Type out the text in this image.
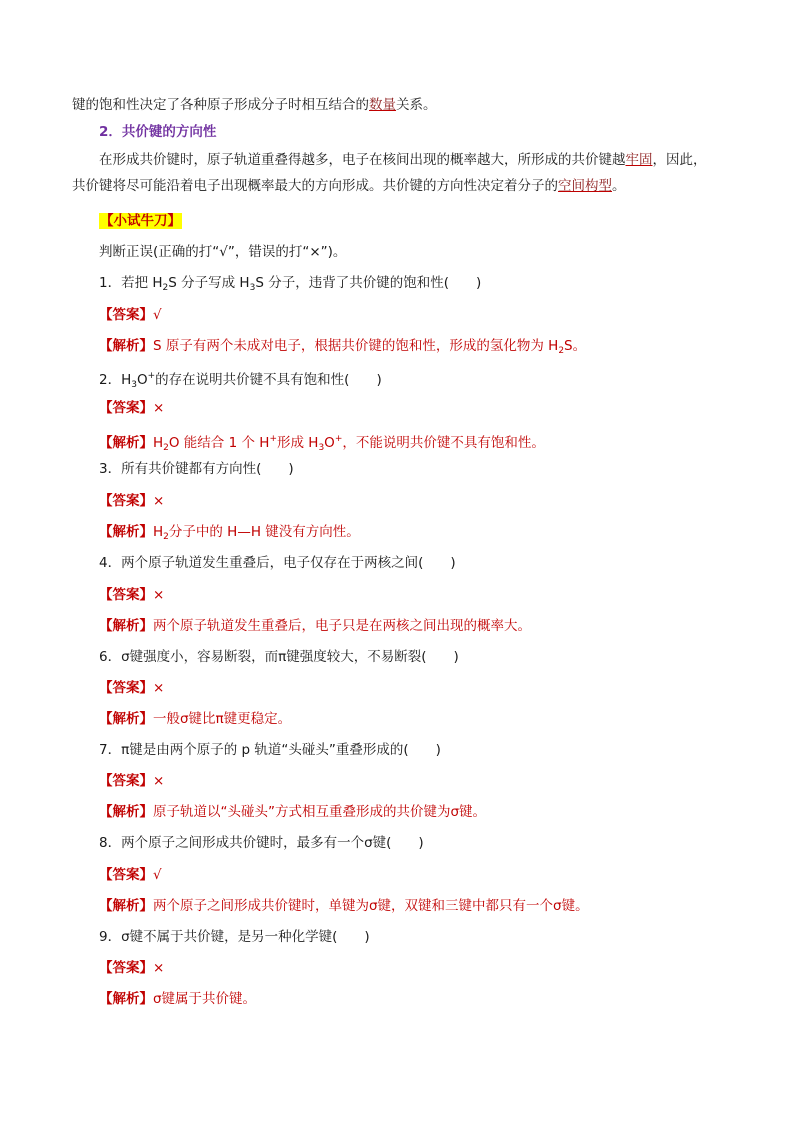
键的饱和性决定了各种原子形成分子时相互结合的数量关系。
2．共价键的方向性
在形成共价键时，原子轨道重叠得越多，电子在核间出现的概率越大，所形成的共价键越牢固，因此，
共价键将尽可能沿着电子出现概率最大的方向形成。共价键的方向性决定着分子的空间构型。
【小试牛刀】
判断正误(正确的打“√”，错误的打“×”)。
1．若把 $H_2S$ 分子写成 $H_3S$ 分子，违背了共价键的饱和性(　　)
【答案】√
【解析】S 原子有两个未成对电子，根据共价键的饱和性，形成的氢化物为 $H_2S$。
2．$H_3O^+$的存在说明共价键不具有饱和性(　　)
【答案】×
【解析】$H_2O$ 能结合 1 个 H+形成 $H_3O^+$，不能说明共价键不具有饱和性。
3．所有共价键都有方向性(　　)
【答案】×
【解析】$H_2$分子中的 H—H 键没有方向性。
4．两个原子轨道发生重叠后，电子仅存在于两核之间(　　)
【答案】×
【解析】两个原子轨道发生重叠后，电子只是在两核之间出现的概率大。
6．σ键强度小，容易断裂，而π键强度较大，不易断裂(　　)
【答案】×
【解析】一般σ键比π键更稳定。
7．π键是由两个原子的 p 轨道“头碰头”重叠形成的(　　)
【答案】×
【解析】原子轨道以“头碰头”方式相互重叠形成的共价键为σ键。
8．两个原子之间形成共价键时，最多有一个σ键(　　)
【答案】√
【解析】两个原子之间形成共价键时，单键为σ键，双键和三键中都只有一个σ键。
9．σ键不属于共价键，是另一种化学键(　　)
【答案】×
【解析】σ键属于共价键。
